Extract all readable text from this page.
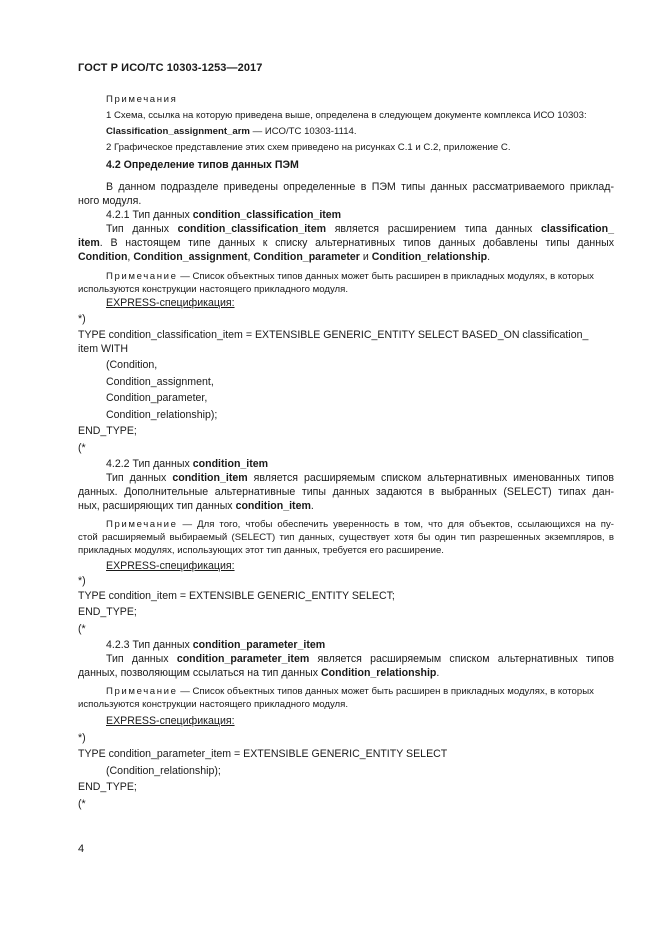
ГОСТ Р ИСО/ТС 10303-1253—2017
Примечания
1 Схема, ссылка на которую приведена выше, определена в следующем документе комплекса ИСО 10303:
Classification_assignment_arm — ИСО/ТС 10303-1114.
2 Графическое представление этих схем приведено на рисунках C.1 и C.2, приложение C.
4.2 Определение типов данных ПЭМ
В данном подразделе приведены определенные в ПЭМ типы данных рассматриваемого приклад-
ного модуля.
4.2.1 Тип данных condition_classification_item
Тип данных condition_classification_item является расширением типа данных classification_
item. В настоящем типе данных к списку альтернативных типов данных добавлены типы данных
Condition, Condition_assignment, Condition_parameter и Condition_relationship.
Примечание — Список объектных типов данных может быть расширен в прикладных модулях, в которых
используются конструкции настоящего прикладного модуля.
EXPRESS-спецификация:
*)
TYPE condition_classification_item = EXTENSIBLE GENERIC_ENTITY SELECT BASED_ON classification_
item WITH
(Condition,
Condition_assignment,
Condition_parameter,
Condition_relationship);
END_TYPE;
(*
4.2.2 Тип данных condition_item
Тип данных condition_item является расширяемым списком альтернативных именованных типов
данных. Дополнительные альтернативные типы данных задаются в выбранных (SELECT) типах дан-
ных, расширяющих тип данных condition_item.
Примечание — Для того, чтобы обеспечить уверенность в том, что для объектов, ссылающихся на пу-
стой расширяемый выбираемый (SELECT) тип данных, существует хотя бы один тип разрешенных экземпляров, в
прикладных модулях, использующих этот тип данных, требуется его расширение.
EXPRESS-спецификация:
*)
TYPE condition_item = EXTENSIBLE GENERIC_ENTITY SELECT;
END_TYPE;
(*
4.2.3 Тип данных condition_parameter_item
Тип данных condition_parameter_item является расширяемым списком альтернативных типов
данных, позволяющим ссылаться на тип данных Condition_relationship.
Примечание — Список объектных типов данных может быть расширен в прикладных модулях, в которых
используются конструкции настоящего прикладного модуля.
EXPRESS-спецификация:
*)
TYPE condition_parameter_item = EXTENSIBLE GENERIC_ENTITY SELECT
(Condition_relationship);
END_TYPE;
(*
4
